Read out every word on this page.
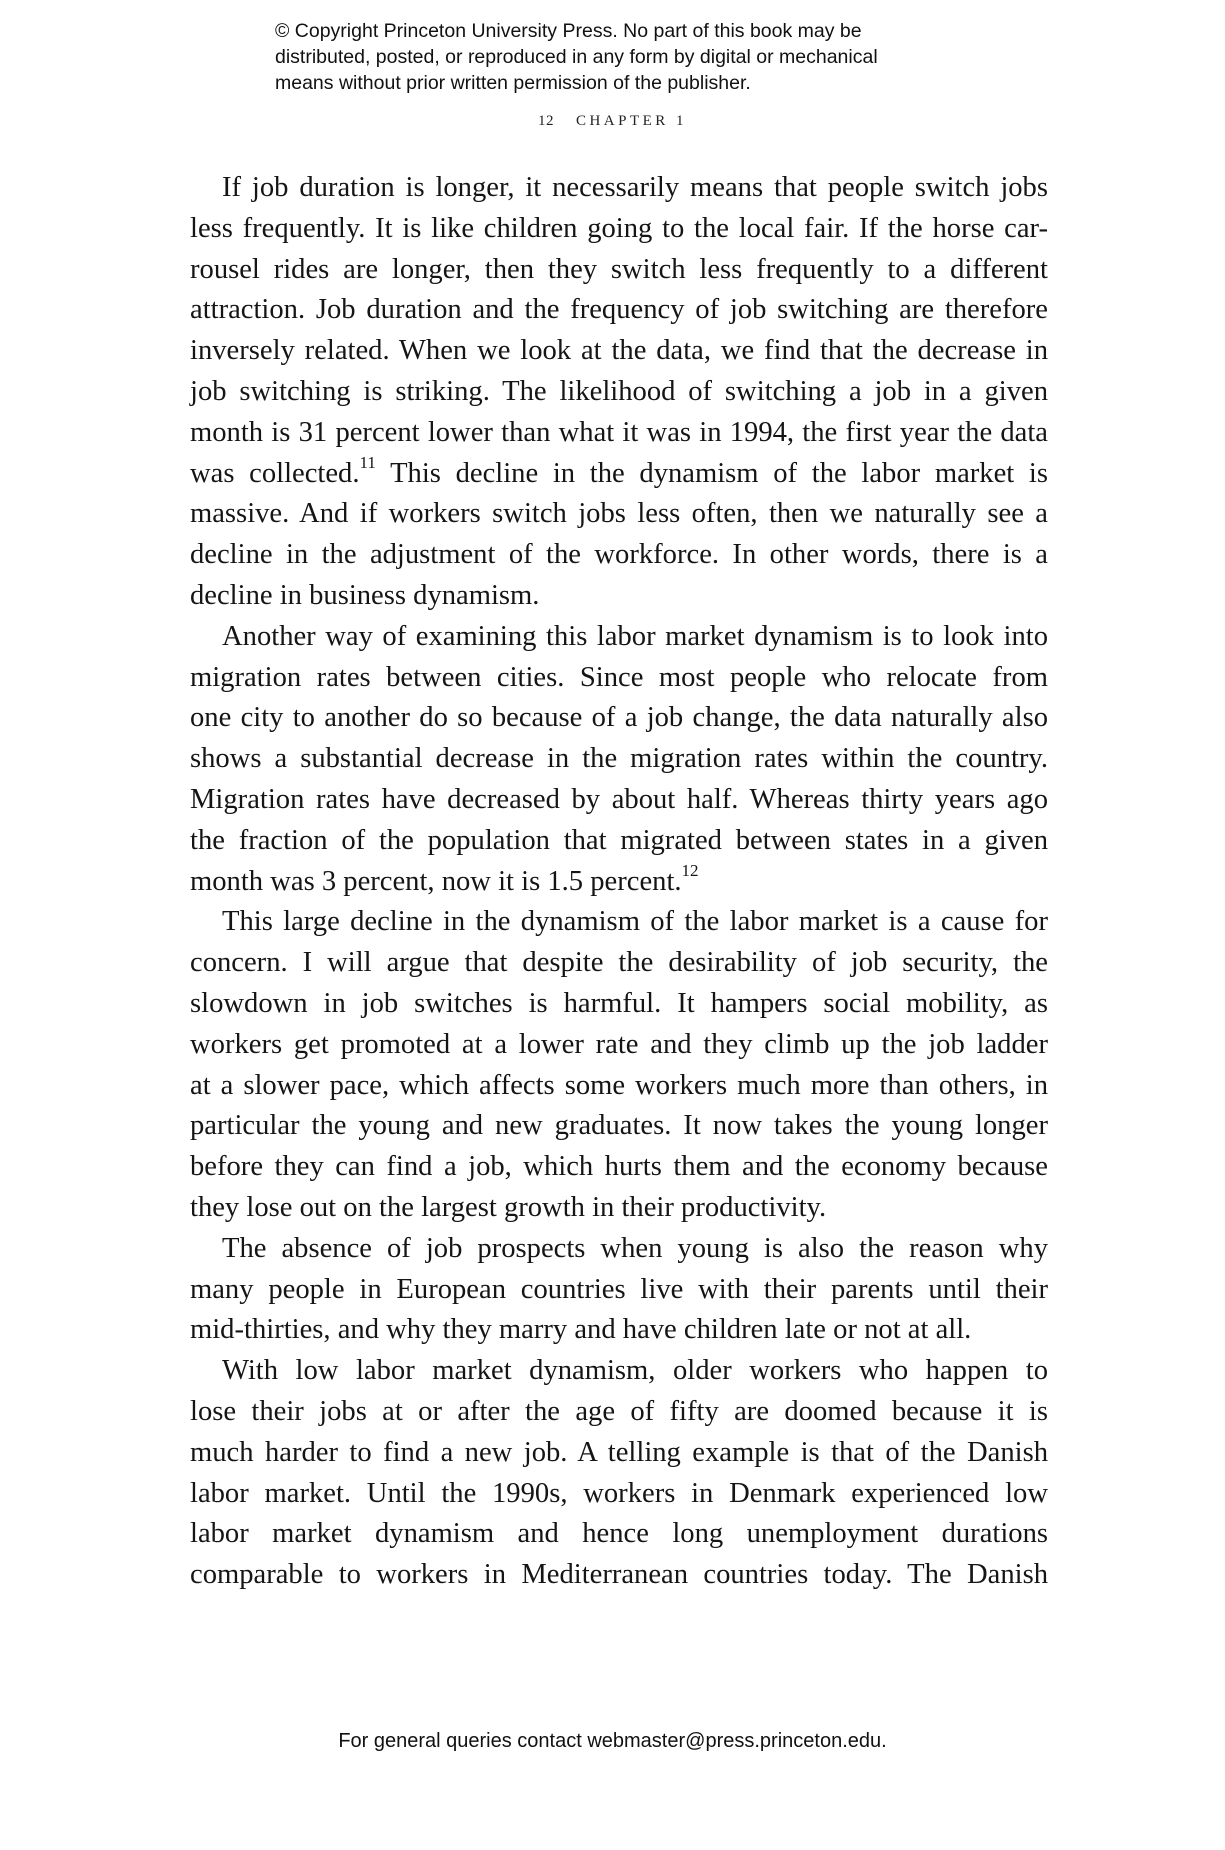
© Copyright Princeton University Press. No part of this book may be
distributed, posted, or reproduced in any form by digital or mechanical
means without prior written permission of the publisher.
12 CHAPTER 1
If job duration is longer, it necessarily means that people switch jobs
less frequently. It is like children going to the local fair. If the horse car-
rousel rides are longer, then they switch less frequently to a different
attraction. Job duration and the frequency of job switching are therefore
inversely related. When we look at the data, we find that the decrease in
job switching is striking. The likelihood of switching a job in a given
month is 31 percent lower than what it was in 1994, the first year the data
was collected.$^{11}$ This decline in the dynamism of the labor market is
massive. And if workers switch jobs less often, then we naturally see a
decline in the adjustment of the workforce. In other words, there is a
decline in business dynamism.
Another way of examining this labor market dynamism is to look into
migration rates between cities. Since most people who relocate from
one city to another do so because of a job change, the data naturally also
shows a substantial decrease in the migration rates within the country.
Migration rates have decreased by about half. Whereas thirty years ago
the fraction of the population that migrated between states in a given
month was 3 percent, now it is 1.5 percent.$^{12}$
This large decline in the dynamism of the labor market is a cause for
concern. I will argue that despite the desirability of job security, the
slowdown in job switches is harmful. It hampers social mobility, as
workers get promoted at a lower rate and they climb up the job ladder
at a slower pace, which affects some workers much more than others, in
particular the young and new graduates. It now takes the young longer
before they can find a job, which hurts them and the economy because
they lose out on the largest growth in their productivity.
The absence of job prospects when young is also the reason why
many people in European countries live with their parents until their
mid-thirties, and why they marry and have children late or not at all.
With low labor market dynamism, older workers who happen to
lose their jobs at or after the age of fifty are doomed because it is
much harder to find a new job. A telling example is that of the Danish
labor market. Until the 1990s, workers in Denmark experienced low
labor market dynamism and hence long unemployment durations
comparable to workers in Mediterranean countries today. The Danish
For general queries contact webmaster@press.princeton.edu.
